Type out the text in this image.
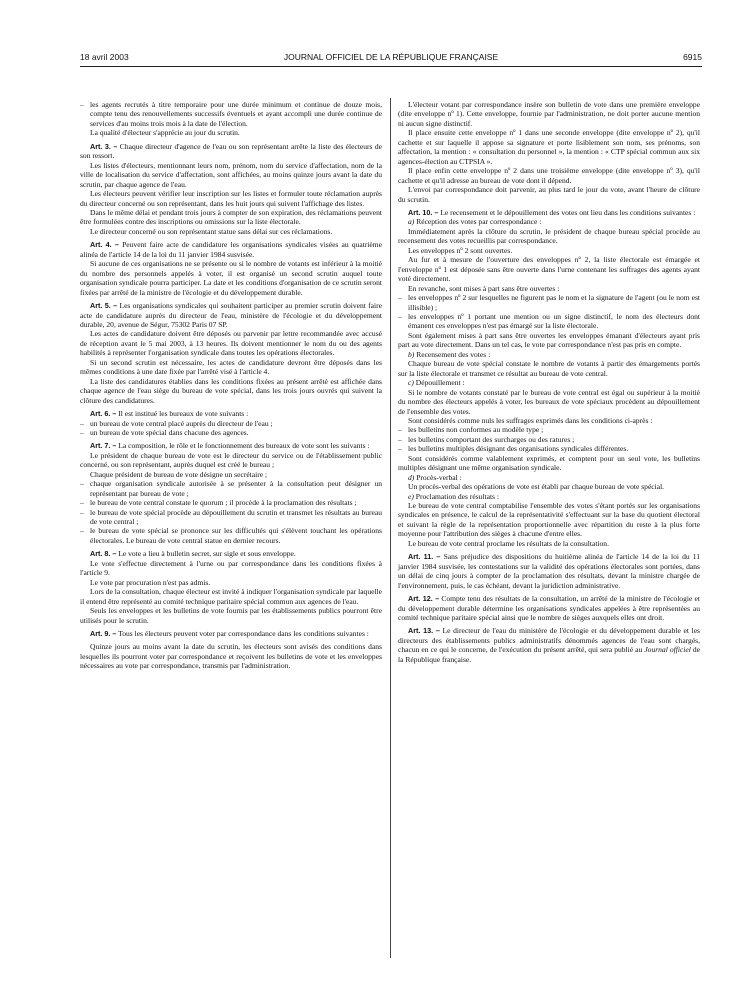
18 avril 2003	JOURNAL OFFICIEL DE LA RÉPUBLIQUE FRANÇAISE	6915

– les agents recrutés à titre temporaire pour une durée minimum et continue de douze mois, compte tenu des renouvellements successifs éventuels et ayant accompli une durée continue de services d'au moins trois mois à la date de l'élection.

La qualité d'électeur s'apprécie au jour du scrutin.

Art. 3. – Chaque directeur d'agence de l'eau ou son représentant arrête la liste des électeurs de son ressort.

Les listes d'électeurs, mentionnant leurs nom, prénom, nom du service d'affectation, nom de la ville de localisation du service d'affectation, sont affichées, au moins quinze jours avant la date du scrutin, par chaque agence de l'eau.

Les électeurs peuvent vérifier leur inscription sur les listes et formuler toute réclamation auprès du directeur concerné ou son représentant, dans les huit jours qui suivent l'affichage des listes.

Dans le même délai et pendant trois jours à compter de son expiration, des réclamations peuvent être formulées contre des inscriptions ou omissions sur la liste électorale.

Le directeur concerné ou son représentant statue sans délai sur ces réclamations.

Art. 4. – Peuvent faire acte de candidature les organisations syndicales visées au quatrième alinéa de l'article 14 de la loi du 11 janvier 1984 susvisée.

Si aucune de ces organisations ne se présente ou si le nombre de votants est inférieur à la moitié du nombre des personnels appelés à voter, il est organisé un second scrutin auquel toute organisation syndicale pourra participer. La date et les conditions d'organisation de ce scrutin seront fixées par arrêté de la ministre de l'écologie et du développement durable.

Art. 5. – Les organisations syndicales qui souhaitent participer au premier scrutin doivent faire acte de candidature auprès du directeur de l'eau, ministère de l'écologie et du développement durable, 20, avenue de Ségur, 75302 Paris 07 SP.

Les actes de candidature doivent être déposés ou parvenir par lettre recommandée avec accusé de réception avant le 5 mai 2003, à 13 heures. Ils doivent mentionner le nom du ou des agents habilités à représenter l'organisation syndicale dans toutes les opérations électorales.

Si un second scrutin est nécessaire, les actes de candidature devront être déposés dans les mêmes conditions à une date fixée par l'arrêté visé à l'article 4.

La liste des candidatures établies dans les conditions fixées au présent arrêté est affichée dans chaque agence de l'eau siège du bureau de vote spécial, dans les trois jours ouvrés qui suivent la clôture des candidatures.

Art. 6. – Il est institué les bureaux de vote suivants :

– un bureau de vote central placé auprès du directeur de l'eau ;

– un bureau de vote spécial dans chacune des agences.

Art. 7. – La composition, le rôle et le fonctionnement des bureaux de vote sont les suivants :

Le président de chaque bureau de vote est le directeur du service ou de l'établissement public concerné, ou son représentant, auprès duquel est créé le bureau ;

Chaque président de bureau de vote désigne un secrétaire ;

– chaque organisation syndicale autorisée à se présenter à la consultation peut désigner un représentant par bureau de vote ;

– le bureau de vote central constate le quorum ; il procède à la proclamation des résultats ;

– le bureau de vote spécial procède au dépouillement du scrutin et transmet les résultats au bureau de vote central ;

– le bureau de vote spécial se prononce sur les difficultés qui s'élèvent touchant les opérations électorales. Le bureau de vote central statue en dernier recours.

Art. 8. – Le vote a lieu à bulletin secret, sur sigle et sous enveloppe.

Le vote s'effectue directement à l'urne ou par correspondance dans les conditions fixées à l'article 9.

Le vote par procuration n'est pas admis.

Lors de la consultation, chaque électeur est invité à indiquer l'organisation syndicale par laquelle il entend être représenté au comité technique paritaire spécial commun aux agences de l'eau.

Seuls les enveloppes et les bulletins de vote fournis par les établissements publics pourront être utilisés pour le scrutin.

Art. 9. – Tous les électeurs peuvent voter par correspondance dans les conditions suivantes :

Quinze jours au moins avant la date du scrutin, les électeurs sont avisés des conditions dans lesquelles ils pourront voter par correspondance et reçoivent les bulletins de vote et les enveloppes nécessaires au vote par correspondance, transmis par l'administration.

L'électeur votant par correspondance insère son bulletin de vote dans une première enveloppe (dite enveloppe nº 1). Cette enveloppe, fournie par l'administration, ne doit porter aucune mention ni aucun signe distinctif.

Il place ensuite cette enveloppe nº 1 dans une seconde enveloppe (dite enveloppe nº 2), qu'il cachette et sur laquelle il appose sa signature et porte lisiblement son nom, ses prénoms, son affectation, la mention : « consultation du personnel », la mention : « CTP spécial commun aux six agences-élection au CTPSIA ».

Il place enfin cette enveloppe nº 2 dans une troisième enveloppe (dite enveloppe nº 3), qu'il cachette et qu'il adresse au bureau de vote dont il dépend.

L'envoi par correspondance doit parvenir, au plus tard le jour du vote, avant l'heure de clôture du scrutin.

Art. 10. – Le recensement et le dépouillement des votes ont lieu dans les conditions suivantes :

a) Réception des votes par correspondance :

Immédiatement après la clôture du scrutin, le président de chaque bureau spécial procède au recensement des votes recueillis par correspondance.

Les enveloppes nº 2 sont ouvertes.

Au fur et à mesure de l'ouverture des enveloppes nº 2, la liste électorale est émargée et l'enveloppe nº 1 est déposée sans être ouverte dans l'urne contenant les suffrages des agents ayant voté directement.

En revanche, sont mises à part sans être ouvertes :

– les enveloppes nº 2 sur lesquelles ne figurent pas le nom et la signature de l'agent (ou le nom est illisible) ;

– les enveloppes nº 1 portant une mention ou un signe distinctif, le nom des électeurs dont émanent ces enveloppes n'est pas émargé sur la liste électorale.

Sont également mises à part sans être ouvertes les enveloppes émanant d'électeurs ayant pris part au vote directement. Dans un tel cas, le vote par correspondance n'est pas pris en compte.

b) Recensement des votes :

Chaque bureau de vote spécial constate le nombre de votants à partir des émargements portés sur la liste électorale et transmet ce résultat au bureau de vote central.

c) Dépouillement :

Si le nombre de votants constaté par le bureau de vote central est égal ou supérieur à la moitié du nombre des électeurs appelés à voter, les bureaux de vote spéciaux procèdent au dépouillement de l'ensemble des votes.

Sont considérés comme nuls les suffrages exprimés dans les conditions ci-après :

– les bulletins non conformes au modèle type ;

– les bulletins comportant des surcharges ou des ratures ;

– les bulletins multiples désignant des organisations syndicales différentes.

Sont considérés comme valablement exprimés, et comptent pour un seul vote, les bulletins multiples désignant une même organisation syndicale.

d) Procès-verbal :

Un procès-verbal des opérations de vote est établi par chaque bureau de vote spécial.

e) Proclamation des résultats :

Le bureau de vote central comptabilise l'ensemble des votes s'étant portés sur les organisations syndicales en présence, le calcul de la représentativité s'effectuant sur la base du quotient électoral et suivant la règle de la représentation proportionnelle avec répartition du reste à la plus forte moyenne pour l'attribution des sièges à chacune d'entre elles.

Le bureau de vote central proclame les résultats de la consultation.

Art. 11. – Sans préjudice des dispositions du huitième alinéa de l'article 14 de la loi du 11 janvier 1984 susvisée, les contestations sur la validité des opérations électorales sont portées, dans un délai de cinq jours à compter de la proclamation des résultats, devant la ministre chargée de l'environnement, puis, le cas échéant, devant la juridiction administrative.

Art. 12. – Compte tenu des résultats de la consultation, un arrêté de la ministre de l'écologie et du développement durable détermine les organisations syndicales appelées à être représentées au comité technique paritaire spécial ainsi que le nombre de sièges auxquels elles ont droit.

Art. 13. – Le directeur de l'eau du ministère de l'écologie et du développement durable et les directeurs des établissements publics administratifs dénommés agences de l'eau sont chargés, chacun en ce qui le concerne, de l'exécution du présent arrêté, qui sera publié au Journal officiel de la République française.
